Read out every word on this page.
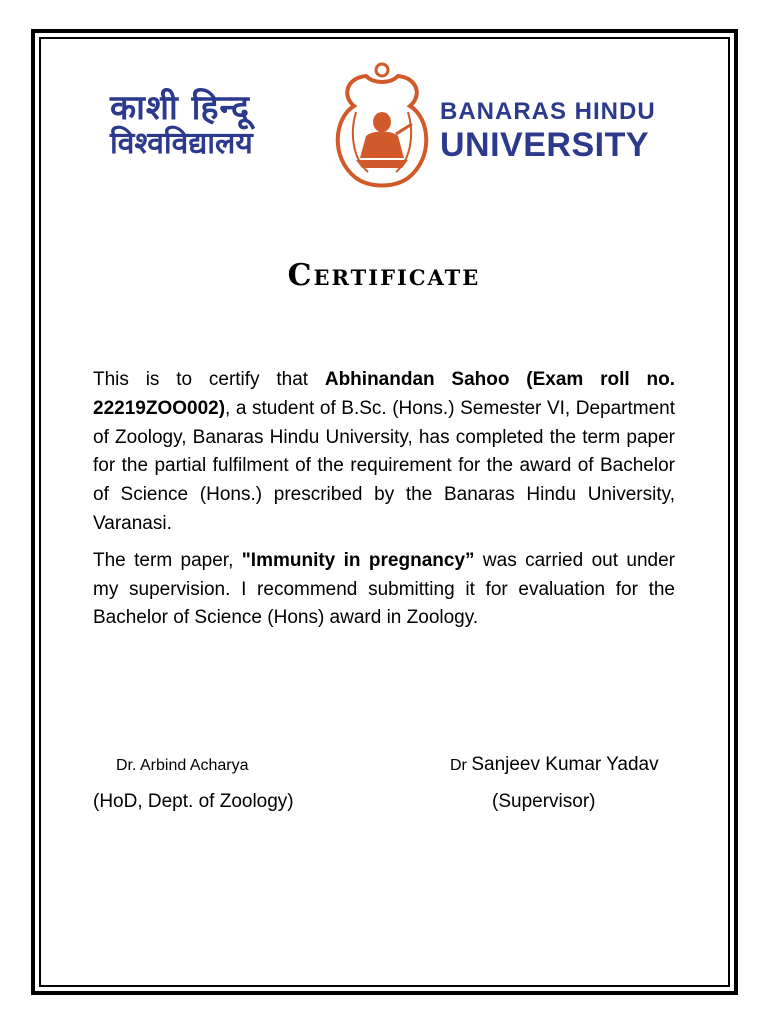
काशी हिन्दू
विश्वविद्यालय
BANARAS HINDU
UNIVERSITY
Certificate

This is to certify that Abhinandan Sahoo (Exam roll no. 22219ZOO002), a student of B.Sc. (Hons.) Semester VI, Department of Zoology, Banaras Hindu University, has completed the term paper for the partial fulfilment of the requirement for the award of Bachelor of Science (Hons.) prescribed by the Banaras Hindu University, Varanasi.

The term paper, "Immunity in pregnancy” was carried out under my supervision. I recommend submitting it for evaluation for the Bachelor of Science (Hons) award in Zoology.

Dr. Arbind Acharya
(HoD, Dept. of Zoology)
Dr Sanjeev Kumar Yadav
(Supervisor)
